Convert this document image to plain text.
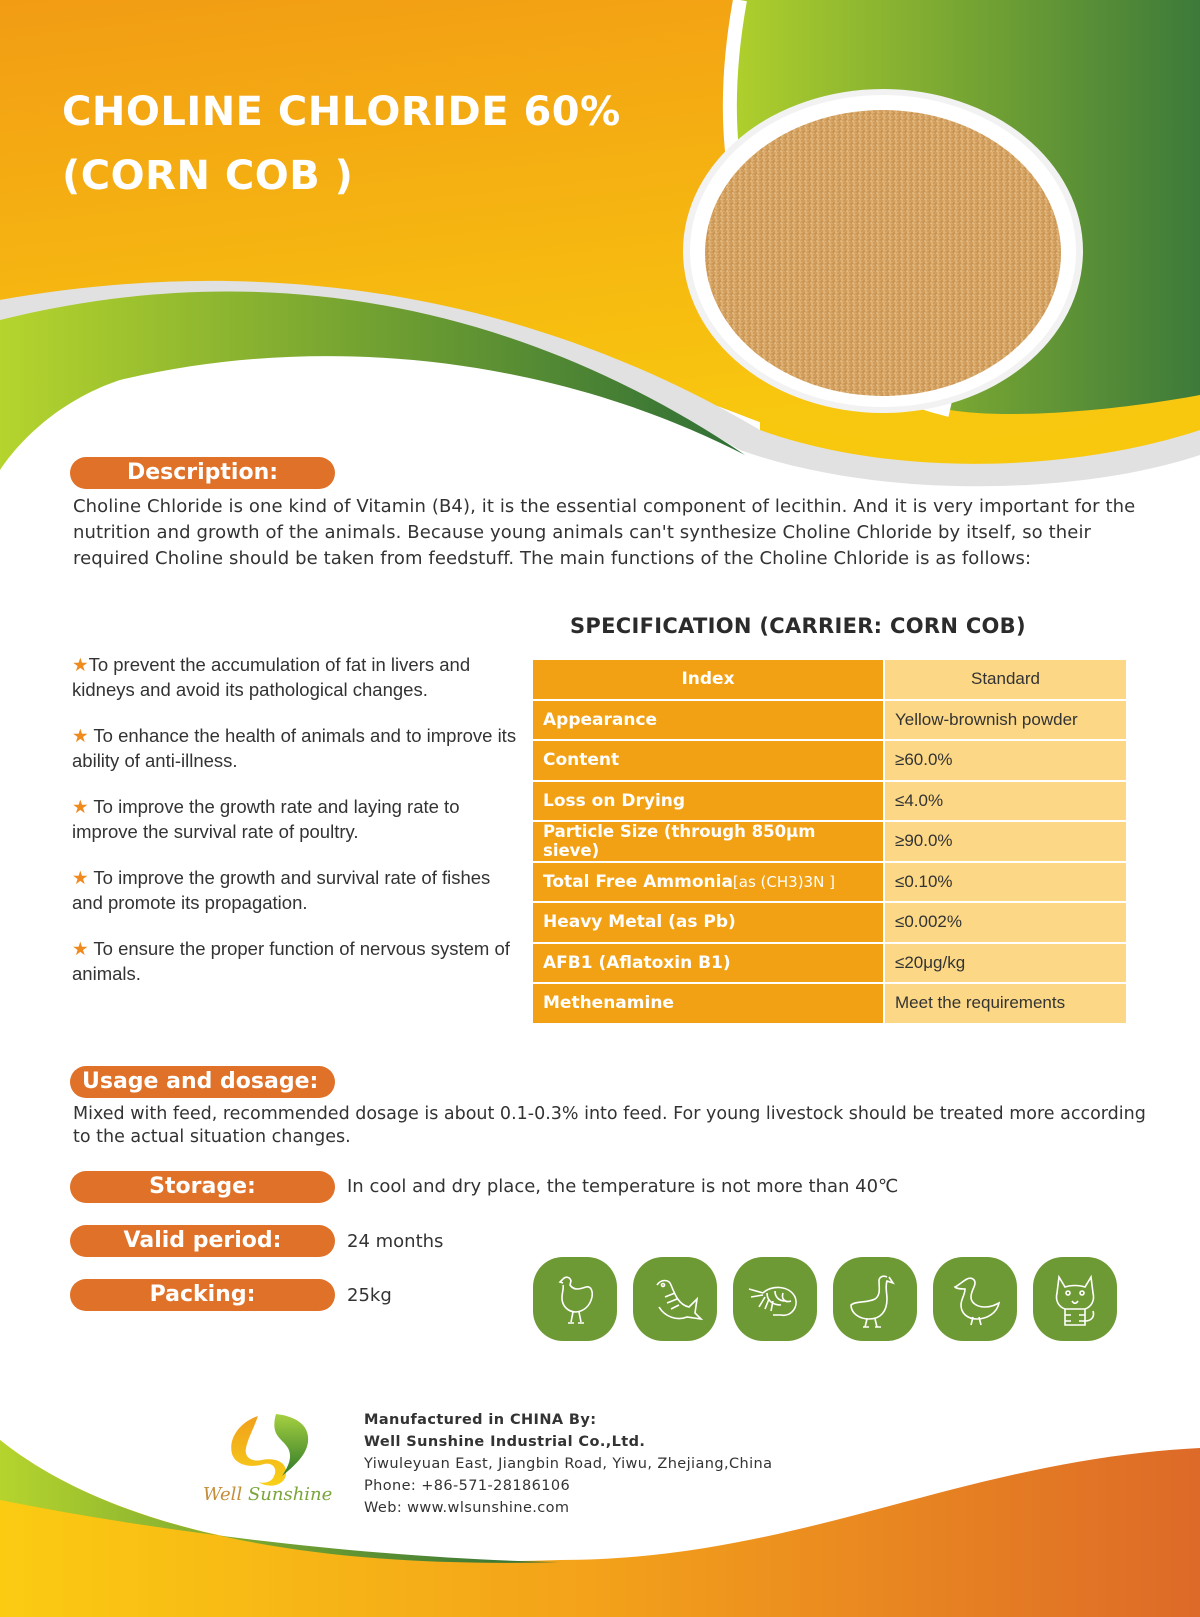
CHOLINE CHLORIDE 60%
(CORN COB )
Description:

Choline Chloride is one kind of Vitamin (B4), it is the essential component of lecithin. And it is very important for the nutrition and growth of the animals. Because young animals can't synthesize Choline Chloride by itself, so their required Choline should be taken from feedstuff. The main functions of the Choline Chloride is as follows:

★To prevent the accumulation of fat in livers and kidneys and avoid its pathological changes.
★ To enhance the health of animals and to improve its ability of anti-illness.
★ To improve the growth rate and laying rate to improve the survival rate of poultry.
★ To improve the growth and survival rate of fishes and promote its propagation.
★ To ensure the proper function of nervous system of animals.
SPECIFICATION (CARRIER: CORN COB)
Index	Standard
Appearance	Yellow-brownish powder
Content	≥60.0%
Loss on Drying	≤4.0%
Particle Size (through 850μm sieve)	≥90.0%
Total Free Ammonia[as (CH3)3N ]	≤0.10%
Heavy Metal (as Pb)	≤0.002%
AFB1 (Aflatoxin B1)	≤20μg/kg
Methenamine	Meet the requirements
Usage and dosage:

Mixed with feed, recommended dosage is about 0.1-0.3% into feed. For young livestock should be treated more according to the actual situation changes.

Storage:	In cool and dry place, the temperature is not more than 40℃
Valid period:	24 months
Packing:	25kg
Well Sunshine
Manufactured in CHINA By:
Well Sunshine Industrial Co.,Ltd.
Yiwuleyuan East, Jiangbin Road, Yiwu, Zhejiang,China
Phone: +86-571-28186106
Web: www.wlsunshine.com
